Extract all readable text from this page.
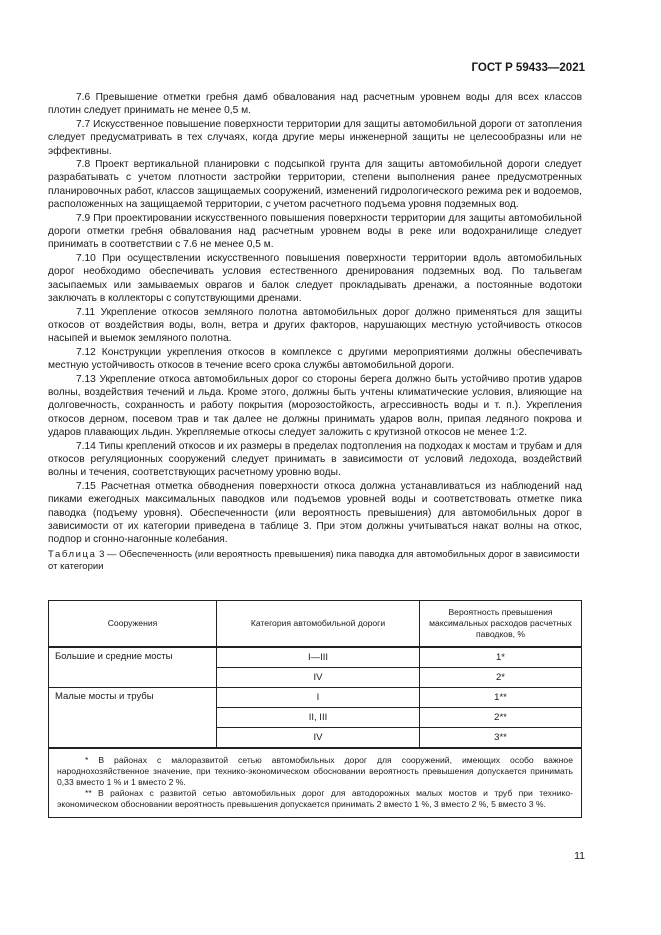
ГОСТ Р 59433—2021

7.6 Превышение отметки гребня дамб обвалования над расчетным уровнем воды для всех классов плотин следует принимать не менее 0,5 м.

7.7 Искусственное повышение поверхности территории для защиты автомобильной дороги от затопления следует предусматривать в тех случаях, когда другие меры инженерной защиты не целесообразны или не эффективны.

7.8 Проект вертикальной планировки с подсыпкой грунта для защиты автомобильной дороги следует разрабатывать с учетом плотности застройки территории, степени выполнения ранее предусмотренных планировочных работ, классов защищаемых сооружений, изменений гидрологического режима рек и водоемов, расположенных на защищаемой территории, с учетом расчетного подъема уровня подземных вод.

7.9 При проектировании искусственного повышения поверхности территории для защиты автомобильной дороги отметки гребня обвалования над расчетным уровнем воды в реке или водохранилище следует принимать в соответствии с 7.6 не менее 0,5 м.

7.10 При осуществлении искусственного повышения поверхности территории вдоль автомобильных дорог необходимо обеспечивать условия естественного дренирования подземных вод. По тальвегам засыпаемых или замываемых оврагов и балок следует прокладывать дренажи, а постоянные водотоки заключать в коллекторы с сопутствующими дренами.

7.11 Укрепление откосов земляного полотна автомобильных дорог должно применяться для защиты откосов от воздействия воды, волн, ветра и других факторов, нарушающих местную устойчивость откосов насыпей и выемок земляного полотна.

7.12 Конструкции укрепления откосов в комплексе с другими мероприятиями должны обеспечивать местную устойчивость откосов в течение всего срока службы автомобильной дороги.

7.13 Укрепление откоса автомобильных дорог со стороны берега должно быть устойчиво против ударов волны, воздействия течений и льда. Кроме этого, должны быть учтены климатические условия, влияющие на долговечность, сохранность и работу покрытия (морозостойкость, агрессивность воды и т. п.). Укрепления откосов дерном, посевом трав и так далее не должны принимать ударов волн, припая ледяного покрова и ударов плавающих льдин. Укрепляемые откосы следует заложить с крутизной откосов не менее 1:2.

7.14 Типы креплений откосов и их размеры в пределах подтопления на подходах к мостам и трубам и для откосов регуляционных сооружений следует принимать в зависимости от условий ледохода, воздействий волны и течения, соответствующих расчетному уровню воды.

7.15 Расчетная отметка обводнения поверхности откоса должна устанавливаться из наблюдений над пиками ежегодных максимальных паводков или подъемов уровней воды и соответствовать отметке пика паводка (подъему уровня). Обеспеченности (или вероятность превышения) для автомобильных дорог в зависимости от их категории приведена в таблице 3. При этом должны учитываться накат волны на откос, подпор и сгонно-нагонные колебания.

Таблица 3 — Обеспеченность (или вероятность превышения) пика паводка для автомобильных дорог в зависимости от категории

Сооружения	Категория автомобильной дороги	Вероятность превышения максимальных расходов расчетных паводков, %
Большие и средние мосты	I—III	1*
	IV	2*
Малые мосты и трубы	I	1**
	II, III	2**
	IV	3**

* В районах с малоразвитой сетью автомобильных дорог для сооружений, имеющих особо важное народнохозяйственное значение, при технико-экономическом обосновании вероятность превышения допускается принимать 0,33 вместо 1 % и 1 вместо 2 %.

** В районах с развитой сетью автомобильных дорог для автодорожных малых мостов и труб при технико-экономическом обосновании вероятность превышения допускается принимать 2 вместо 1 %, 3 вместо 2 %, 5 вместо 3 %.		

11
